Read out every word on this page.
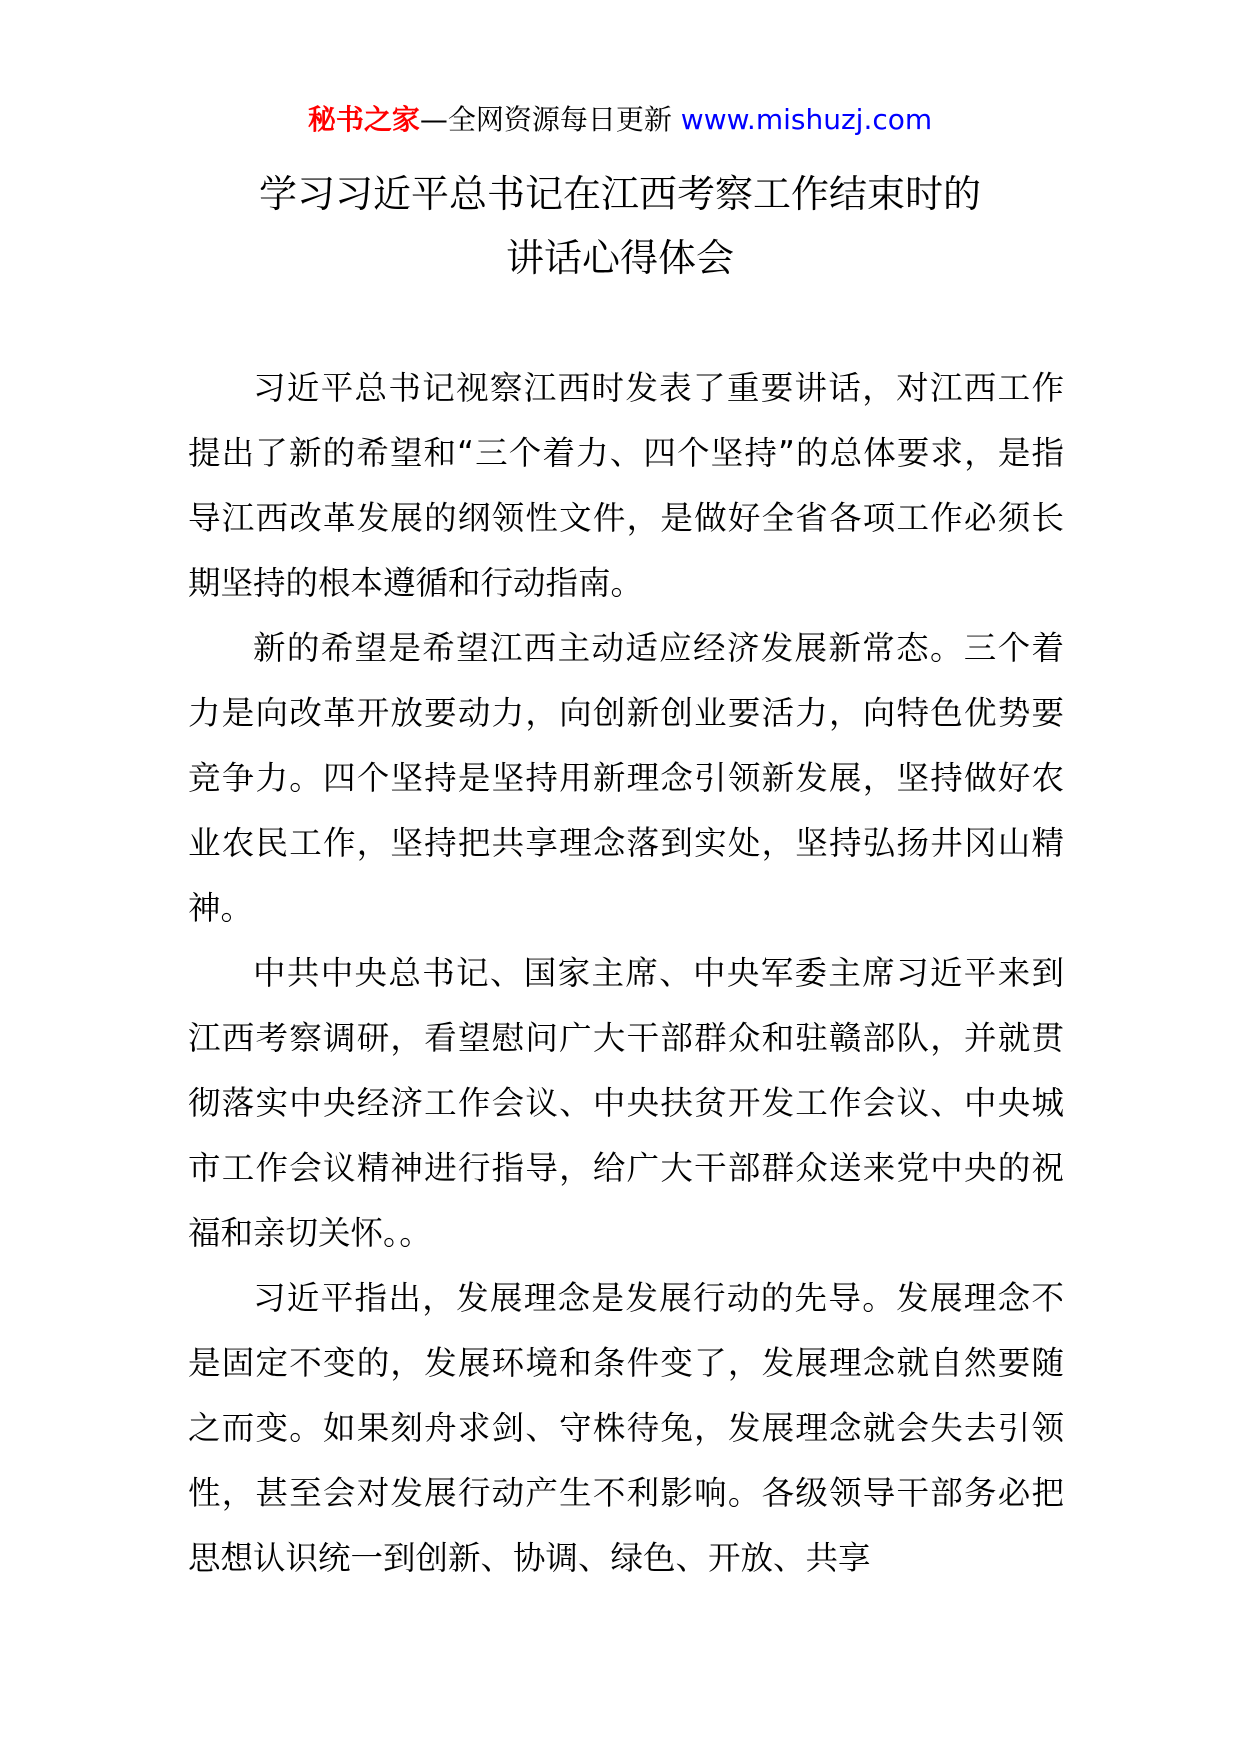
秘书之家—全网资源每日更新 www.mishuzj.com
学习习近平总书记在江西考察工作结束时的
讲话心得体会

习近平总书记视察江西时发表了重要讲话，对江西工作提出了新的希望和“三个着力、四个坚持”的总体要求，是指导江西改革发展的纲领性文件，是做好全省各项工作必须长期坚持的根本遵循和行动指南。

新的希望是希望江西主动适应经济发展新常态。三个着力是向改革开放要动力，向创新创业要活力，向特色优势要竞争力。四个坚持是坚持用新理念引领新发展，坚持做好农业农民工作，坚持把共享理念落到实处，坚持弘扬井冈山精神。

中共中央总书记、国家主席、中央军委主席习近平来到江西考察调研，看望慰问广大干部群众和驻赣部队，并就贯彻落实中央经济工作会议、中央扶贫开发工作会议、中央城市工作会议精神进行指导，给广大干部群众送来党中央的祝福和亲切关怀。。

习近平指出，发展理念是发展行动的先导。发展理念不是固定不变的，发展环境和条件变了，发展理念就自然要随之而变。如果刻舟求剑、守株待兔，发展理念就会失去引领性，甚至会对发展行动产生不利影响。各级领导干部务必把思想认识统一到创新、协调、绿色、开放、共享
